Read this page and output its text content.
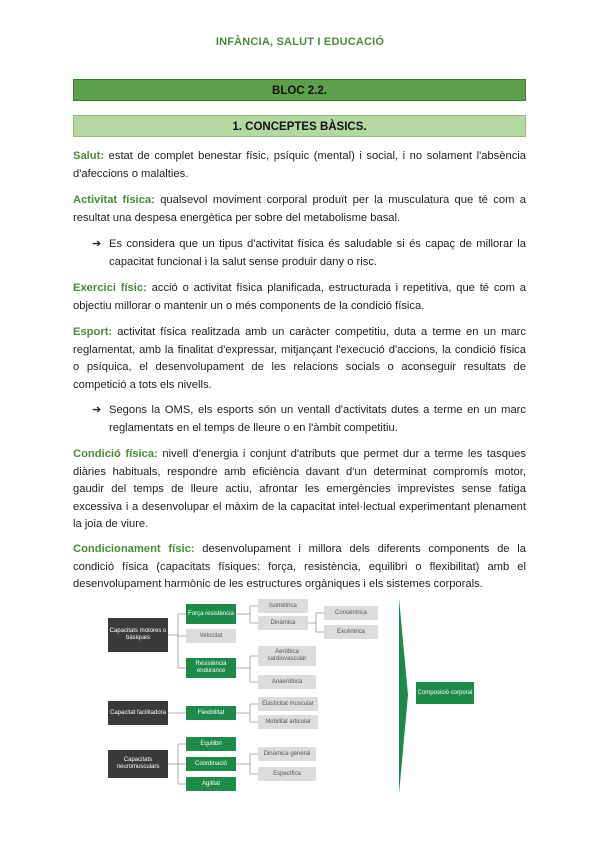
INFÀNCIA, SALUT I EDUCACIÓ
BLOC 2.2.
1. CONCEPTES BÀSICS.
Salut: estat de complet benestar físic, psíquic (mental) i social, i no solament l'absència d'afeccions o malalties.
Activitat física: qualsevol moviment corporal produït per la musculatura que té com a resultat una despesa energètica per sobre del metabolisme basal.
➔ Es considera que un tipus d'activitat física és saludable si és capaç de millorar la capacitat funcional i la salut sense produir dany o risc.
Exercici físic: acció o activitat física planificada, estructurada i repetitiva, que té com a objectiu millorar o mantenir un o més components de la condició física.
Esport: activitat física realitzada amb un caràcter competitiu, duta a terme en un marc reglamentat, amb la finalitat d'expressar, mitjançant l'execució d'accions, la condició física o psíquica, el desenvolupament de les relacions socials o aconseguir resultats de competició a tots els nivells.
➔ Segons la OMS, els esports són un ventall d'activitats dutes a terme en un marc reglamentats en el temps de lleure o en l'àmbit competitiu.
Condició física: nivell d'energia i conjunt d'atributs que permet dur a terme les tasques diàries habituals, respondre amb eficiència davant d'un determinat compromís motor, gaudir del temps de lleure actiu, afrontar les emergències imprevistes sense fatiga excessiva i a desenvolupar el màxim de la capacitat intel·lectual experimentant plenament la joia de viure.
Condicionament físic: desenvolupament i millora dels diferents components de la condició física (capacitats físiques: força, resistència, equilibri o flexibilitat) amb el desenvolupament harmònic de les estructures orgàniques i els sistemes corporals.
Capacitats motores o bàsiques
Força resistència
Velocitat
Resistència endurance
Isomètrica
Dinàmica
Concèntrica
Excèntrica
Aeròbica cardiovascular
Anaeròbica
Capacitat facilitadora	Flexibilitat
Elasticitat muscular
Mobilitat articular
Capacitats neuromusculars
Equilibri
Coordinació
Agilitat
Dinàmica general
Específica
Composició corporal
